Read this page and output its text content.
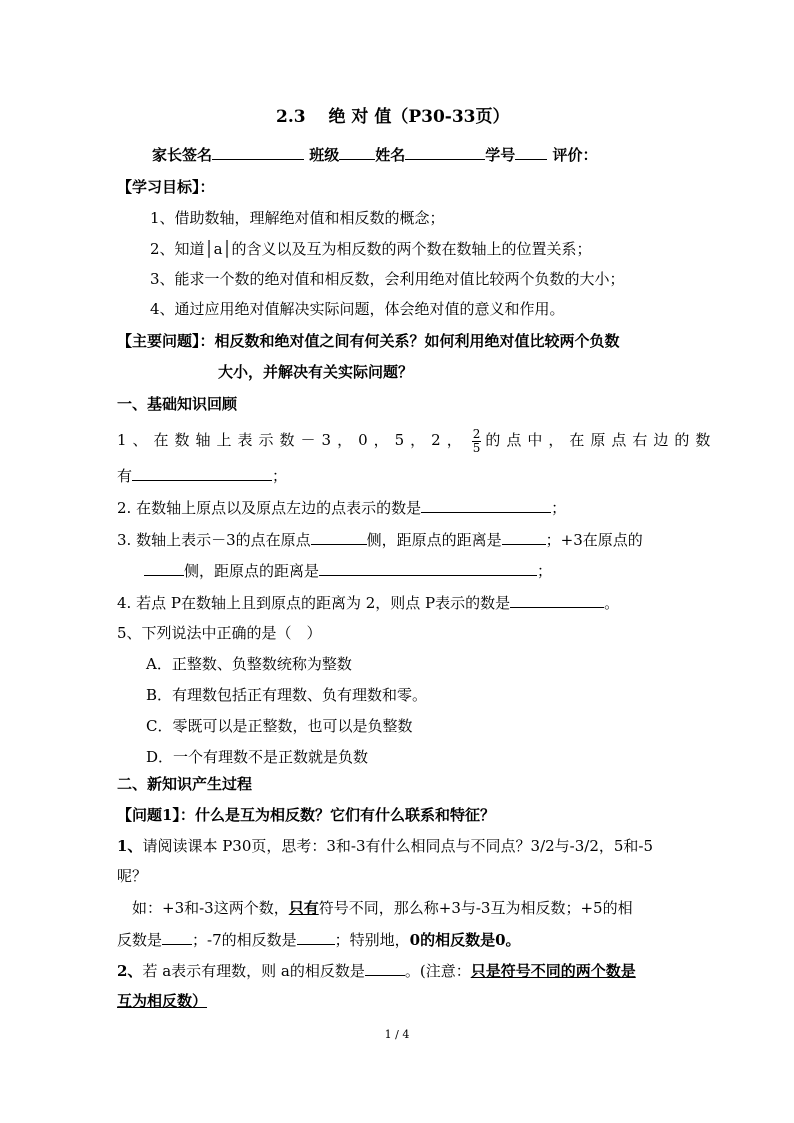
2.3　 绝 对 值（P30-33页）
家长签名	班级 姓名	学号 评价：
【学习目标】：
1、借助数轴，理解绝对值和相反数的概念；
2、知道│a│的含义以及互为相反数的两个数在数轴上的位置关系；
3、能求一个数的绝对值和相反数，会利用绝对值比较两个负数的大小；
4、通过应用绝对值解决实际问题，体会绝对值的意义和作用。
【主要问题】：相反数和绝对值之间有何关系？如何利用绝对值比较两个负数
大小，并解决有关实际问题？
一、基础知识回顾
1、在数轴上表示数－3，0，5，2， $\frac{2}{5}$ 的点中，在原点右边的数
有	；
2. 在数轴上原点以及原点左边的点表示的数是	；
3. 数轴上表示－3的点在原点	侧，距原点的距离是	；+3在原点的
侧，距原点的距离是	；
4. 若点 P在数轴上且到原点的距离为 2，则点 P表示的数是	。
5、下列说法中正确的是（　）
A．正整数、负整数统称为整数
B．有理数包括正有理数、负有理数和零。
C．零既可以是正整数，也可以是负整数
D．一个有理数不是正数就是负数
二、新知识产生过程
【问题1】：什么是互为相反数？它们有什么联系和特征？
1、请阅读课本 P30页，思考：3和-3有什么相同点与不同点？3/2与-3/2，5和-5
呢？
如：+3和-3这两个数，只有符号不同，那么称+3与-3互为相反数；+5的相
反数是 ；-7的相反数是	；特别地，0的相反数是0。
2、若 a表示有理数，则 a的相反数是	。(注意：只是符号不同的两个数是
互为相反数）
1 / 4
